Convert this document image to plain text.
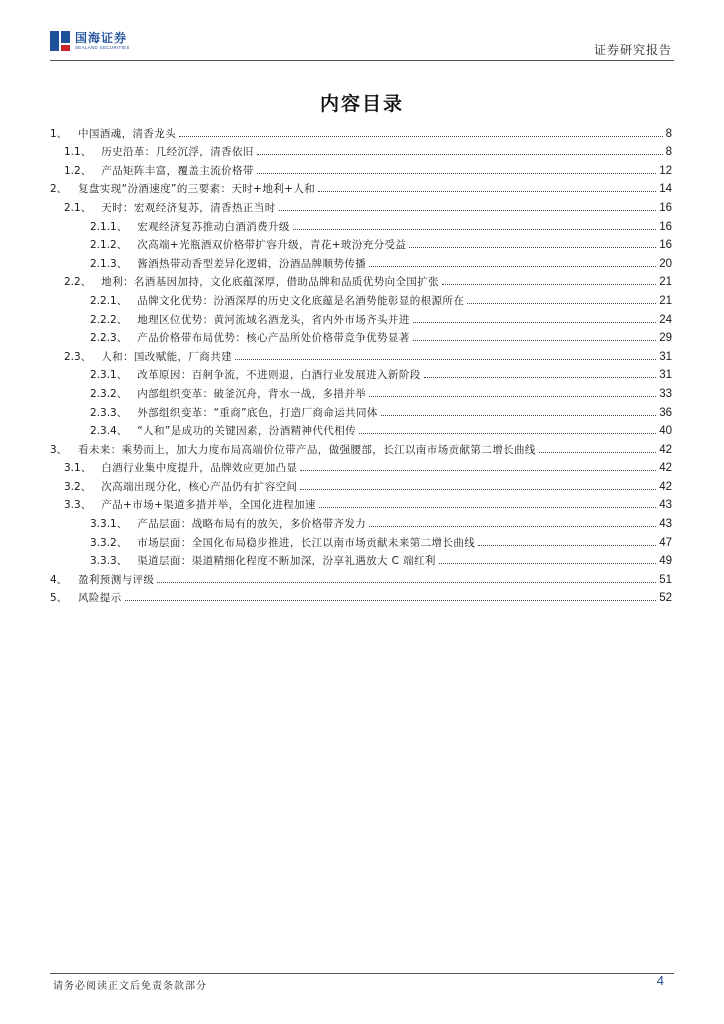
国海证券
SEALAND SECURITIES	证券研究报告
内容目录
1、	中国酒魂，清香龙头	8
1.1、 历史沿革：几经沉浮，清香依旧	8
1.2、 产品矩阵丰富，覆盖主流价格带	12
2、	复盘实现“汾酒速度”的三要素：天时+地利+人和	14
2.1、 天时：宏观经济复苏，清香热正当时	16
2.1.1、 宏观经济复苏推动白酒消费升级	16
2.1.2、 次高端+光瓶酒双价格带扩容升级，青花+玻汾充分受益	16
2.1.3、 酱酒热带动香型差异化逻辑，汾酒品牌顺势传播	20
2.2、 地利：名酒基因加持，文化底蕴深厚，借助品牌和品质优势向全国扩张	21
2.2.1、 品牌文化优势：汾酒深厚的历史文化底蕴是名酒势能彰显的根源所在	21
2.2.2、 地理区位优势：黄河流域名酒龙头，省内外市场齐头并进	24
2.2.3、 产品价格带布局优势：核心产品所处价格带竞争优势显著	29
2.3、 人和：国改赋能，厂商共建	31
2.3.1、 改革原因：百舸争流，不进则退，白酒行业发展进入新阶段	31
2.3.2、 内部组织变革：破釜沉舟，背水一战，多措并举	33
2.3.3、 外部组织变革：“重商”底色，打造厂商命运共同体	36
2.3.4、 “人和”是成功的关键因素，汾酒精神代代相传	40
3、	看未来：乘势而上，加大力度布局高端价位带产品，做强腰部，长江以南市场贡献第二增长曲线	42
3.1、 白酒行业集中度提升，品牌效应更加凸显	42
3.2、 次高端出现分化，核心产品仍有扩容空间	42
3.3、 产品+市场+渠道多措并举，全国化进程加速	43
3.3.1、 产品层面：战略布局有的放矢，多价格带齐发力	43
3.3.2、 市场层面：全国化布局稳步推进，长江以南市场贡献未来第二增长曲线	47
3.3.3、 渠道层面：渠道精细化程度不断加深，汾享礼遇放大 C 端红利	49
4、	盈利预测与评级	51
5、	风险提示	52
请务必阅读正文后免责条款部分	4
